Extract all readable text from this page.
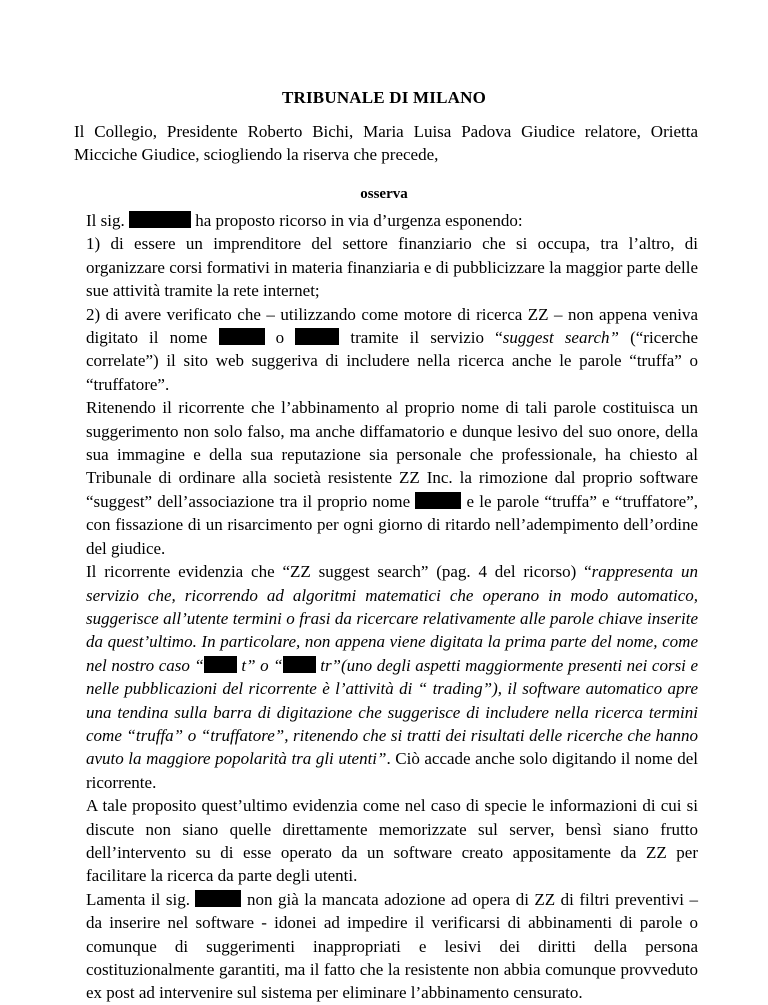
TRIBUNALE DI MILANO
Il Collegio, Presidente Roberto Bichi, Maria Luisa Padova Giudice relatore, Orietta Micciche Giudice, sciogliendo la riserva che precede,
osserva

Il sig.	ha proposto ricorso in via d’urgenza esponendo:

1) di essere un imprenditore del settore finanziario che si occupa, tra l’altro, di organizzare corsi formativi in materia finanziaria e di pubblicizzare la maggior parte delle sue attività tramite la rete internet;

2) di avere verificato che – utilizzando come motore di ricerca ZZ – non appena veniva digitato il nome	o	tramite il servizio “suggest search” (“ricerche correlate”) il sito web suggeriva di includere nella ricerca anche le parole “truffa” o “truffatore”.

Ritenendo il ricorrente che l’abbinamento al proprio nome di tali parole costituisca un suggerimento non solo falso, ma anche diffamatorio e dunque lesivo del suo onore, della sua immagine e della sua reputazione sia personale che professionale, ha chiesto al Tribunale di ordinare alla società resistente ZZ Inc. la rimozione dal proprio software “suggest” dell’associazione tra il proprio nome	e le parole “truffa” e “truffatore”, con fissazione di un risarcimento per ogni giorno di ritardo nell’adempimento dell’ordine del giudice.

Il ricorrente evidenzia che “ZZ suggest search” (pag. 4 del ricorso) “rappresenta un servizio che, ricorrendo ad algoritmi matematici che operano in modo automatico, suggerisce all’utente termini o frasi da ricercare relativamente alle parole chiave inserite da quest’ultimo. In particolare, non appena viene digitata la prima parte del nome, come nel nostro caso “ t” o “ tr”(uno degli aspetti maggiormente presenti nei corsi e nelle pubblicazioni del ricorrente è l’attività di “ trading”), il software automatico apre una tendina sulla barra di digitazione che suggerisce di includere nella ricerca termini come “truffa” o “truffatore”, ritenendo che si tratti dei risultati delle ricerche che hanno avuto la maggiore popolarità tra gli utenti”. Ciò accade anche solo digitando il nome del ricorrente.

A tale proposito quest’ultimo evidenzia come nel caso di specie le informazioni di cui si discute non siano quelle direttamente memorizzate sul server, bensì siano frutto dell’intervento su di esse operato da un software creato appositamente da ZZ per facilitare la ricerca da parte degli utenti.

Lamenta il sig.	non già la mancata adozione ad opera di ZZ di filtri preventivi – da inserire nel software - idonei ad impedire il verificarsi di abbinamenti di parole o comunque di suggerimenti inappropriati e lesivi dei diritti della persona costituzionalmente garantiti, ma il fatto che la resistente non abbia comunque provveduto ex post ad intervenire sul sistema per eliminare l’abbinamento censurato.
